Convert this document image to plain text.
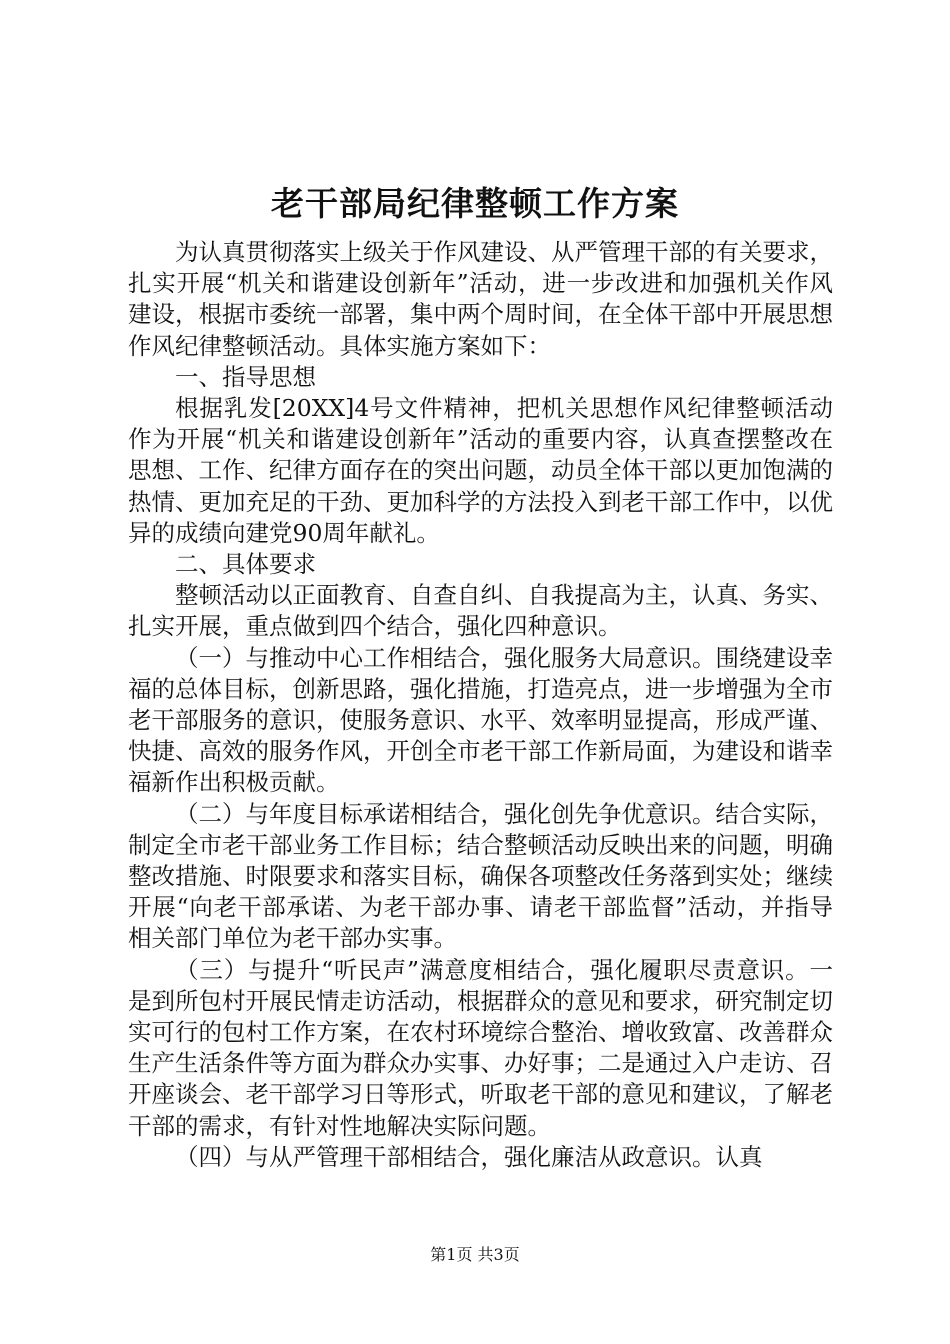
老干部局纪律整顿工作方案

为认真贯彻落实上级关于作风建设、从严管理干部的有关要求，扎实开展“机关和谐建设创新年”活动，进一步改进和加强机关作风建设，根据市委统一部署，集中两个周时间，在全体干部中开展思想作风纪律整顿活动。具体实施方案如下：

一、指导思想

根据乳发[20XX]4号文件精神，把机关思想作风纪律整顿活动作为开展“机关和谐建设创新年”活动的重要内容，认真查摆整改在思想、工作、纪律方面存在的突出问题，动员全体干部以更加饱满的热情、更加充足的干劲、更加科学的方法投入到老干部工作中，以优异的成绩向建党90周年献礼。

二、具体要求

整顿活动以正面教育、自查自纠、自我提高为主，认真、务实、扎实开展，重点做到四个结合，强化四种意识。

（一）与推动中心工作相结合，强化服务大局意识。围绕建设幸福的总体目标，创新思路，强化措施，打造亮点，进一步增强为全市老干部服务的意识，使服务意识、水平、效率明显提高，形成严谨、快捷、高效的服务作风，开创全市老干部工作新局面，为建设和谐幸福新作出积极贡献。

（二）与年度目标承诺相结合，强化创先争优意识。结合实际，制定全市老干部业务工作目标；结合整顿活动反映出来的问题，明确整改措施、时限要求和落实目标，确保各项整改任务落到实处；继续开展“向老干部承诺、为老干部办事、请老干部监督”活动，并指导相关部门单位为老干部办实事。

（三）与提升“听民声”满意度相结合，强化履职尽责意识。一是到所包村开展民情走访活动，根据群众的意见和要求，研究制定切实可行的包村工作方案，在农村环境综合整治、增收致富、改善群众生产生活条件等方面为群众办实事、办好事；二是通过入户走访、召开座谈会、老干部学习日等形式，听取老干部的意见和建议，了解老干部的需求，有针对性地解决实际问题。

（四）与从严管理干部相结合，强化廉洁从政意识。认真

第1页 共3页
